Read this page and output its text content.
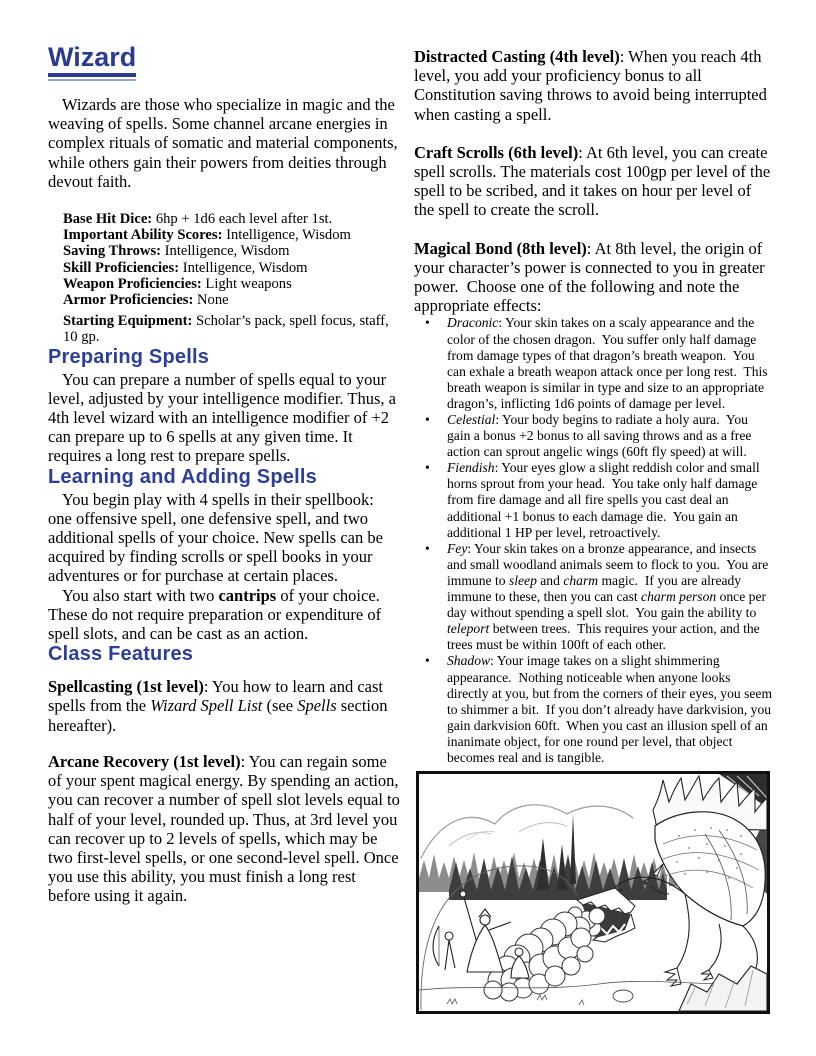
Wizard

Wizards are those who specialize in magic and the weaving of spells. Some channel arcane energies in complex rituals of somatic and material components, while others gain their powers from deities through devout faith.

Base Hit Dice: 6hp + 1d6 each level after 1st.
Important Ability Scores: Intelligence, Wisdom
Saving Throws: Intelligence, Wisdom
Skill Proficiencies: Intelligence, Wisdom
Weapon Proficiencies: Light weapons
Armor Proficiencies: None
Starting Equipment: Scholar’s pack, spell focus, staff, 10 gp.
Preparing Spells

You can prepare a number of spells equal to your level, adjusted by your intelligence modifier. Thus, a 4th level wizard with an intelligence modifier of +2 can prepare up to 6 spells at any given time. It requires a long rest to prepare spells.

Learning and Adding Spells

You begin play with 4 spells in their spellbook: one offensive spell, one defensive spell, and two additional spells of your choice. New spells can be acquired by finding scrolls or spell books in your adventures or for purchase at certain places.

You also start with two cantrips of your choice. These do not require preparation or expenditure of spell slots, and can be cast as an action.

Class Features

Spellcasting (1st level): You how to learn and cast spells from the Wizard Spell List (see Spells section hereafter).

Arcane Recovery (1st level): You can regain some of your spent magical energy. By spending an action, you can recover a number of spell slot levels equal to half of your level, rounded up. Thus, at 3rd level you can recover up to 2 levels of spells, which may be two first-level spells, or one second-level spell. Once you use this ability, you must finish a long rest before using it again.

Distracted Casting (4th level): When you reach 4th level, you add your proficiency bonus to all Constitution saving throws to avoid being interrupted when casting a spell.

Craft Scrolls (6th level): At 6th level, you can create spell scrolls. The materials cost 100gp per level of the spell to be scribed, and it takes on hour per level of the spell to create the scroll.

Magical Bond (8th level): At 8th level, the origin of your character’s power is connected to you in greater power.  Choose one of the following and note the appropriate effects:

• Draconic: Your skin takes on a scaly appearance and the color of the chosen dragon.  You suffer only half damage from damage types of that dragon’s breath weapon.  You can exhale a breath weapon attack once per long rest.  This breath weapon is similar in type and size to an appropriate dragon’s, inflicting 1d6 points of damage per level.
• Celestial: Your body begins to radiate a holy aura.  You gain a bonus +2 bonus to all saving throws and as a free action can sprout angelic wings (60ft fly speed) at will.
• Fiendish: Your eyes glow a slight reddish color and small horns sprout from your head.  You take only half damage from fire damage and all fire spells you cast deal an additional +1 bonus to each damage die.  You gain an additional 1 HP per level, retroactively.
• Fey: Your skin takes on a bronze appearance, and insects and small woodland animals seem to flock to you.  You are immune to sleep and charm magic.  If you are already immune to these, then you can cast charm person once per day without spending a spell slot.  You gain the ability to teleport between trees.  This requires your action, and the trees must be within 100ft of each other.
• Shadow: Your image takes on a slight shimmering appearance.  Nothing noticeable when anyone looks directly at you, but from the corners of their eyes, you seem to shimmer a bit.  If you don’t already have darkvision, you gain darkvision 60ft.  When you cast an illusion spell of an inanimate object, for one round per level, that object becomes real and is tangible.
